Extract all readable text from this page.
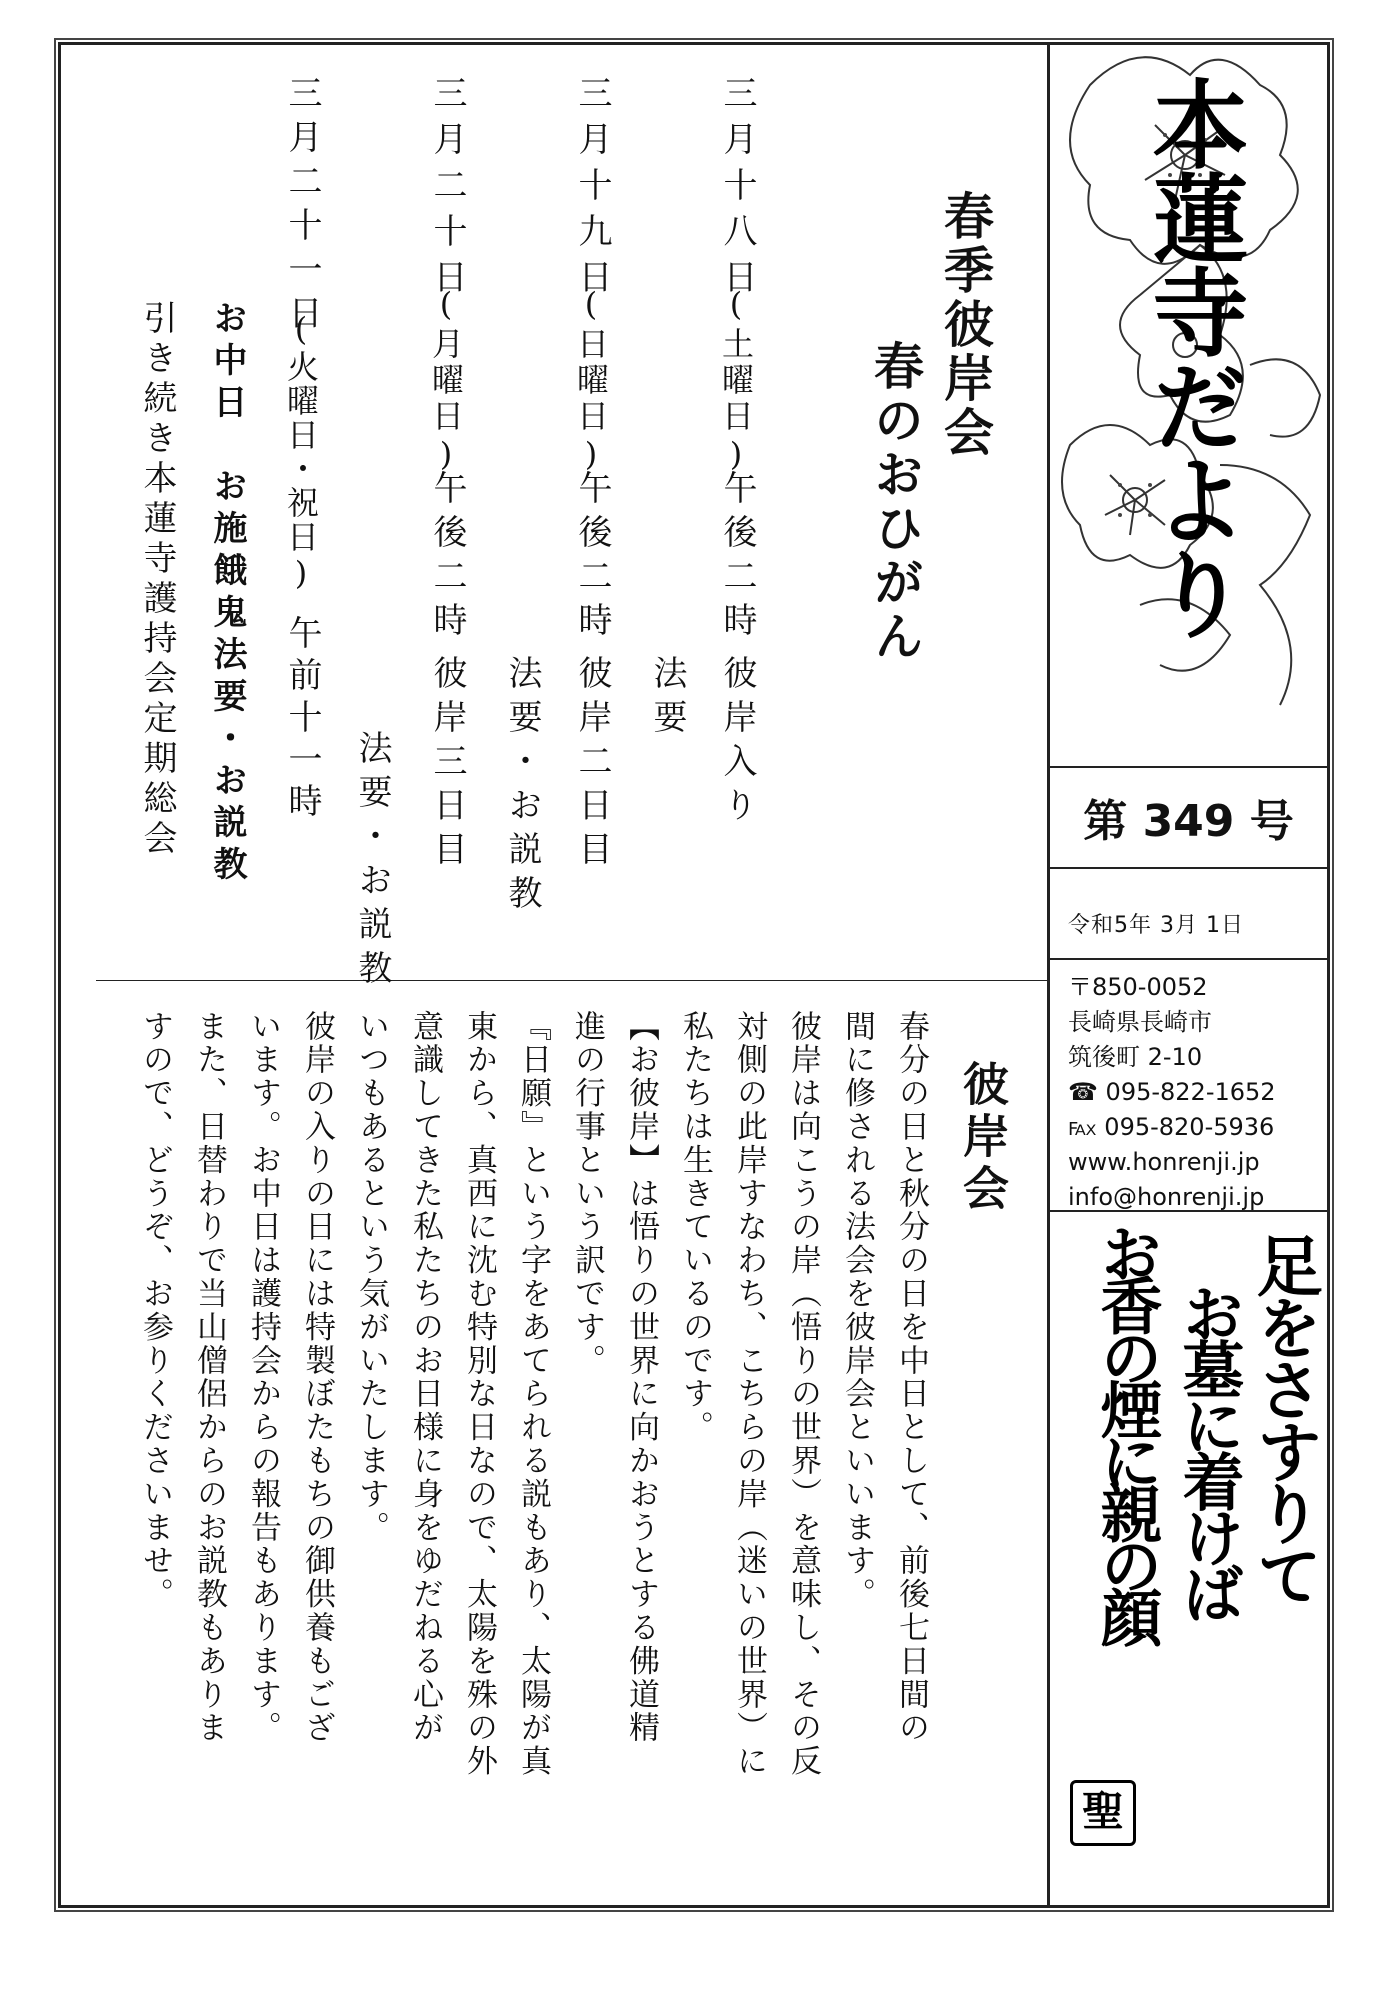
本蓮寺だより
第 349 号
令和5年 3月 1日
〒850-0052
長崎県長崎市
筑後町 2-10
☎ 095-822-1652
℻ 095-820-5936
www.honrenji.jp
info@honrenji.jp
足をさすりて
お墓に着けば
お香の煙に親の顔
聖
春季彼岸会
春のおひがん
三月十八日
(土曜日)
午後二時
彼岸入り
法要
三月十九日
(日曜日)
午後二時
彼岸二日目
法要・お説教
三月二十日
(月曜日)
午後二時
彼岸三日目
法要・お説教
三月二十一日
(火曜日・祝日)
午前十一時
お中日　お施餓鬼法要・お説教
引き続き本蓮寺護持会定期総会
彼岸会
春分の日と秋分の日を中日として、前後七日間の
間に修される法会を彼岸会といいます。
彼岸は向こうの岸（悟りの世界）を意味し、その反
対側の此岸すなわち、こちらの岸（迷いの世界）に
私たちは生きているのです。
【お彼岸】は悟りの世界に向かおうとする佛道精
進の行事という訳です。
『日願』という字をあてられる説もあり、太陽が真
東から、真西に沈む特別な日なので、太陽を殊の外
意識してきた私たちのお日様に身をゆだねる心が
いつもあるという気がいたします。
彼岸の入りの日には特製ぼたもちの御供養もござ
います。お中日は護持会からの報告もあります。
また、日替わりで当山僧侶からのお説教もありま
すので、どうぞ、お参りくださいませ。
